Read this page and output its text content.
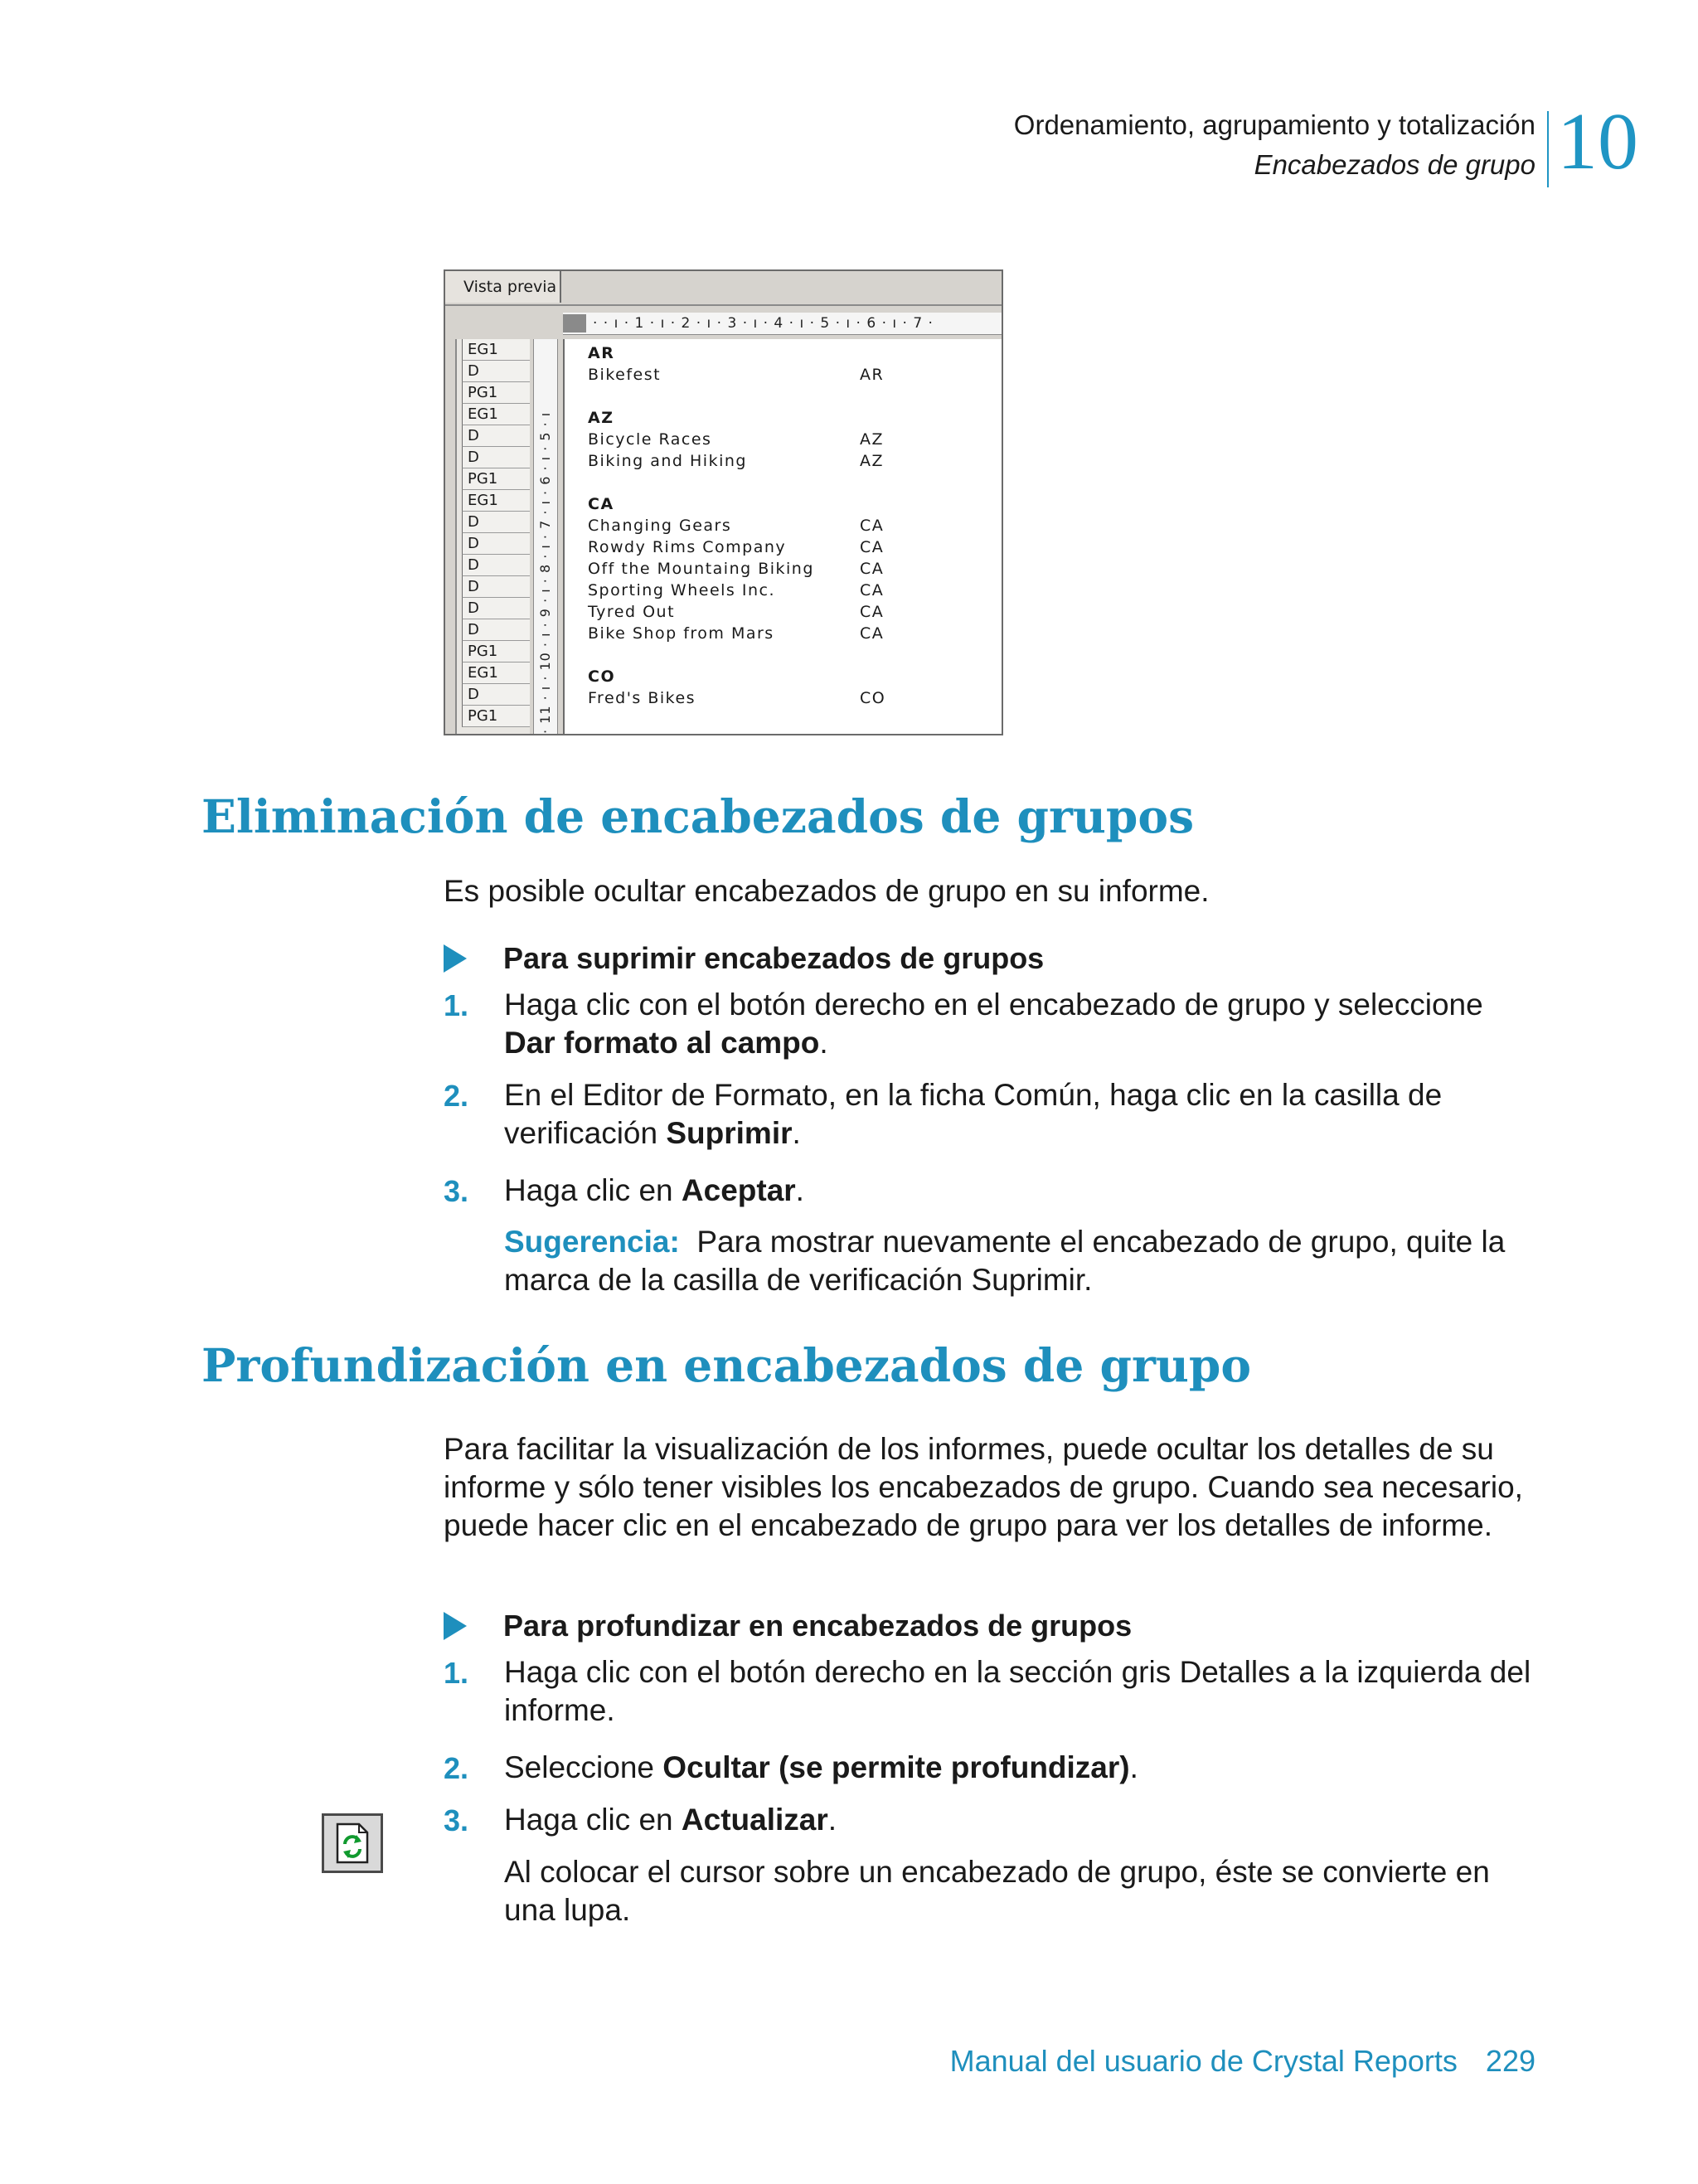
Ordenamiento, agrupamiento y totalización
Encabezados de grupo 10
Vista previa
· · ı · 1 · ı · 2 · ı · 3 · ı · 4 · ı · 5 · ı · 6 · ı · 7 ·
EG1
D
PG1
EG1
D
D
PG1
EG1
D
D
D
D
D
D
PG1
EG1
D
PG1	· 11 · ı · 10 · ı · 9 · ı · 8 · ı · 7 · ı · 6 · ı · 5 · ı
AR
Bikefest	AR
AZ
Bicycle Races	AZ
Biking and Hiking	AZ
CA
Changing Gears	CA
Rowdy Rims Company	CA
Off the Mountaing Biking	CA
Sporting Wheels Inc.	CA
Tyred Out	CA
Bike Shop from Mars	CA
CO
Fred's Bikes	CO
Eliminación de encabezados de grupos
Es posible ocultar encabezados de grupo en su informe.
Para suprimir encabezados de grupos
1. Haga clic con el botón derecho en el encabezado de grupo y seleccione
Dar formato al campo.
2. En el Editor de Formato, en la ficha Común, haga clic en la casilla de verificación Suprimir.
3. Haga clic en Aceptar.
Sugerencia: Para mostrar nuevamente el encabezado de grupo, quite la marca de la casilla de verificación Suprimir.
Profundización en encabezados de grupo
Para facilitar la visualización de los informes, puede ocultar los detalles de su informe y sólo tener visibles los encabezados de grupo. Cuando sea necesario, puede hacer clic en el encabezado de grupo para ver los detalles de informe.
Para profundizar en encabezados de grupos
1. Haga clic con el botón derecho en la sección gris Detalles a la izquierda del informe.
2. Seleccione Ocultar (se permite profundizar).
3. Haga clic en Actualizar.
Al colocar el cursor sobre un encabezado de grupo, éste se convierte en una lupa.
Manual del usuario de Crystal Reports 229
